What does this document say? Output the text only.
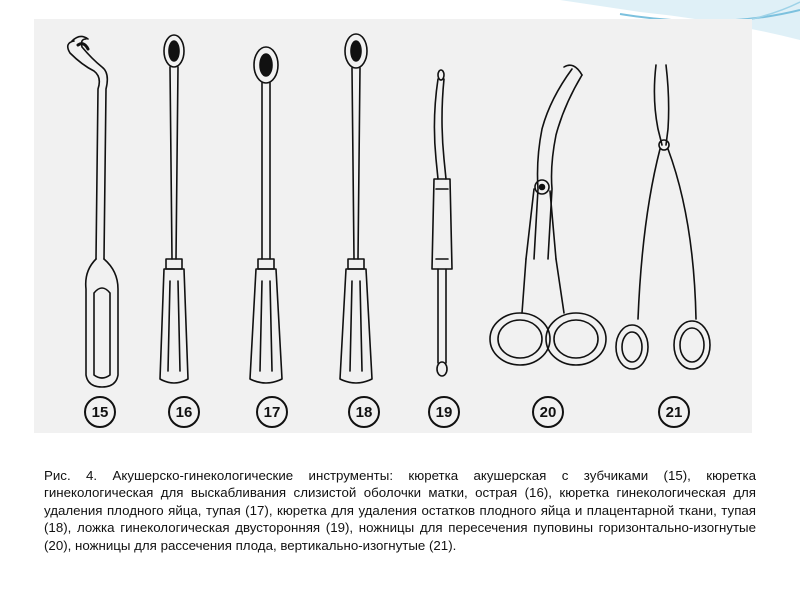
15	16	17	18	19	20	21
Рис. 4. Акушерско-гинекологические инструменты: кюретка акушерская с зубчиками (15), кюретка гинекологическая для выскабливания слизистой оболочки матки, острая (16), кюретка гинекологическая для удаления плодного яйца, тупая (17), кюретка для удаления остатков плодного яйца и плацентарной ткани, тупая (18), ложка гинекологическая двусторонняя (19), ножницы для пересечения пуповины горизонтально-изогнутые (20), ножницы для рассечения плода, вертикально-изогнутые (21).
